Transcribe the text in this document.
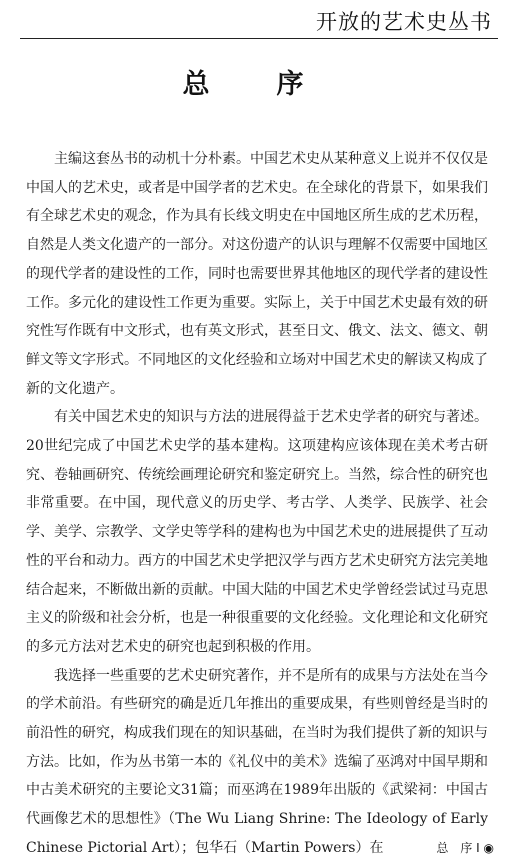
开放的艺术史丛书
总　序

主编这套丛书的动机十分朴素。中国艺术史从某种意义上说并不仅仅是中国人的艺术史，或者是中国学者的艺术史。在全球化的背景下，如果我们有全球艺术史的观念，作为具有长线文明史在中国地区所生成的艺术历程，自然是人类文化遗产的一部分。对这份遗产的认识与理解不仅需要中国地区的现代学者的建设性的工作，同时也需要世界其他地区的现代学者的建设性工作。多元化的建设性工作更为重要。实际上，关于中国艺术史最有效的研究性写作既有中文形式，也有英文形式，甚至日文、俄文、法文、德文、朝鲜文等文字形式。不同地区的文化经验和立场对中国艺术史的解读又构成了新的文化遗产。

有关中国艺术史的知识与方法的进展得益于艺术史学者的研究与著述。20世纪完成了中国艺术史学的基本建构。这项建构应该体现在美术考古研究、卷轴画研究、传统绘画理论研究和鉴定研究上。当然，综合性的研究也非常重要。在中国，现代意义的历史学、考古学、人类学、民族学、社会学、美学、宗教学、文学史等学科的建构也为中国艺术史的进展提供了互动性的平台和动力。西方的中国艺术史学把汉学与西方艺术史研究方法完美地结合起来，不断做出新的贡献。中国大陆的中国艺术史学曾经尝试过马克思主义的阶级和社会分析，也是一种很重要的文化经验。文化理论和文化研究的多元方法对艺术史的研究也起到积极的作用。

我选择一些重要的艺术史研究著作，并不是所有的成果与方法处在当今的学术前沿。有些研究的确是近几年推出的重要成果，有些则曾经是当时的前沿性的研究，构成我们现在的知识基础，在当时为我们提供了新的知识与方法。比如，作为丛书第一本的《礼仪中的美术》选编了巫鸿对中国早期和中古美术研究的主要论文31篇；而巫鸿在1989年出版的《武梁祠：中国古代画像艺术的思想性》（The Wu Liang Shrine: The Ideology of Early Chinese Pictorial Art）；包华石（Martin Powers）在	总　序 I ◉
